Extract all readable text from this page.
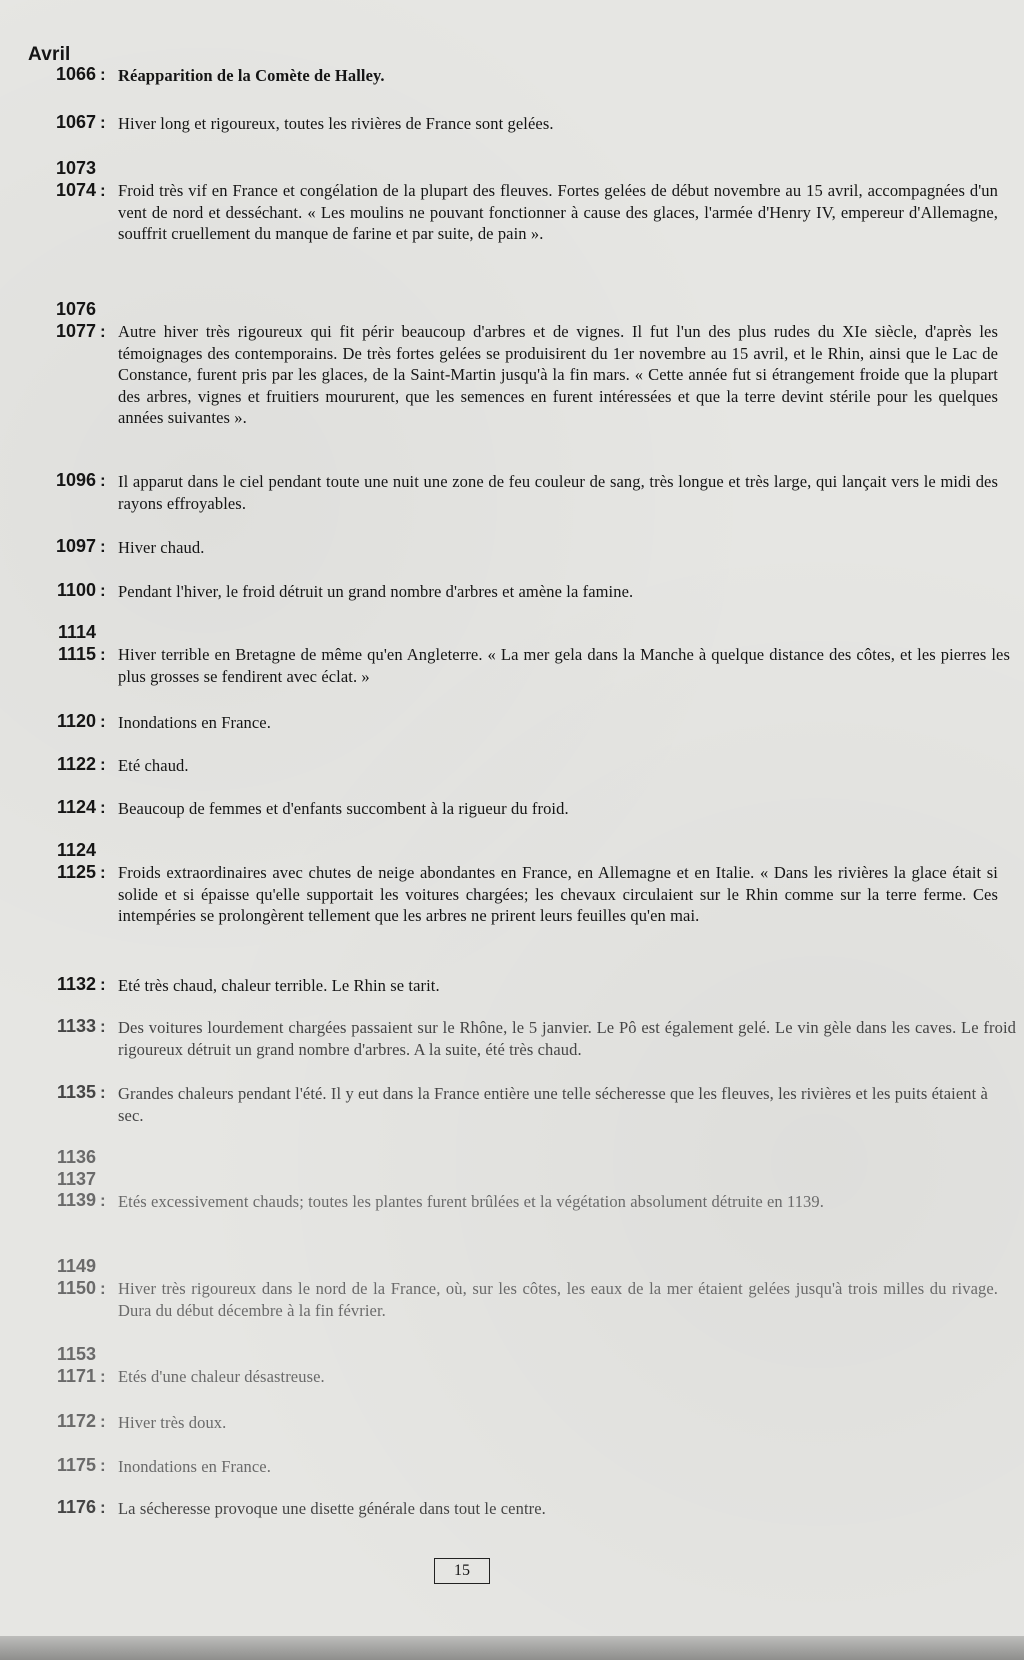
Avril
1066 : Réapparition de la Comète de Halley.
1067 : Hiver long et rigoureux, toutes les rivières de France sont gelées.
1073
1074 : Froid très vif en France et congélation de la plupart des fleuves. Fortes gelées de début novembre au 15 avril, accompagnées d'un vent de nord et desséchant. « Les moulins ne pouvant fonctionner à cause des glaces, l'armée d'Henry IV, empereur d'Allemagne, souffrit cruellement du manque de farine et par suite, de pain ».
1076
1077 : Autre hiver très rigoureux qui fit périr beaucoup d'arbres et de vignes. Il fut l'un des plus rudes du XIe siècle, d'après les témoignages des contemporains. De très fortes gelées se produisirent du 1er novembre au 15 avril, et le Rhin, ainsi que le Lac de Constance, furent pris par les glaces, de la Saint-Martin jusqu'à la fin mars. « Cette année fut si étrangement froide que la plupart des arbres, vignes et fruitiers moururent, que les semences en furent intéressées et que la terre devint stérile pour les quelques années suivantes ».
1096 : Il apparut dans le ciel pendant toute une nuit une zone de feu couleur de sang, très longue et très large, qui lançait vers le midi des rayons effroyables.
1097 : Hiver chaud.
1100 : Pendant l'hiver, le froid détruit un grand nombre d'arbres et amène la famine.
1114
1115 : Hiver terrible en Bretagne de même qu'en Angleterre. « La mer gela dans la Manche à quelque distance des côtes, et les pierres les plus grosses se fendirent avec éclat. »
1120 : Inondations en France.
1122 : Eté chaud.
1124 : Beaucoup de femmes et d'enfants succombent à la rigueur du froid.
1124
1125 : Froids extraordinaires avec chutes de neige abondantes en France, en Allemagne et en Italie. « Dans les rivières la glace était si solide et si épaisse qu'elle supportait les voitures chargées; les chevaux circulaient sur le Rhin comme sur la terre ferme. Ces intempéries se prolongèrent tellement que les arbres ne prirent leurs feuilles qu'en mai.
1132 : Eté très chaud, chaleur terrible. Le Rhin se tarit.
1133 : Des voitures lourdement chargées passaient sur le Rhône, le 5 janvier. Le Pô est également gelé. Le vin gèle dans les caves. Le froid rigoureux détruit un grand nombre d'arbres. A la suite, été très chaud.
1135 : Grandes chaleurs pendant l'été. Il y eut dans la France entière une telle sécheresse que les fleuves, les rivières et les puits étaient à sec.
1136
1137
1139 : Etés excessivement chauds; toutes les plantes furent brûlées et la végétation absolument détruite en 1139.
1149
1150 : Hiver très rigoureux dans le nord de la France, où, sur les côtes, les eaux de la mer étaient gelées jusqu'à trois milles du rivage. Dura du début décembre à la fin février.
1153
1171 : Etés d'une chaleur désastreuse.
1172 : Hiver très doux.
1175 : Inondations en France.
1176 : La sécheresse provoque une disette générale dans tout le centre.
15
